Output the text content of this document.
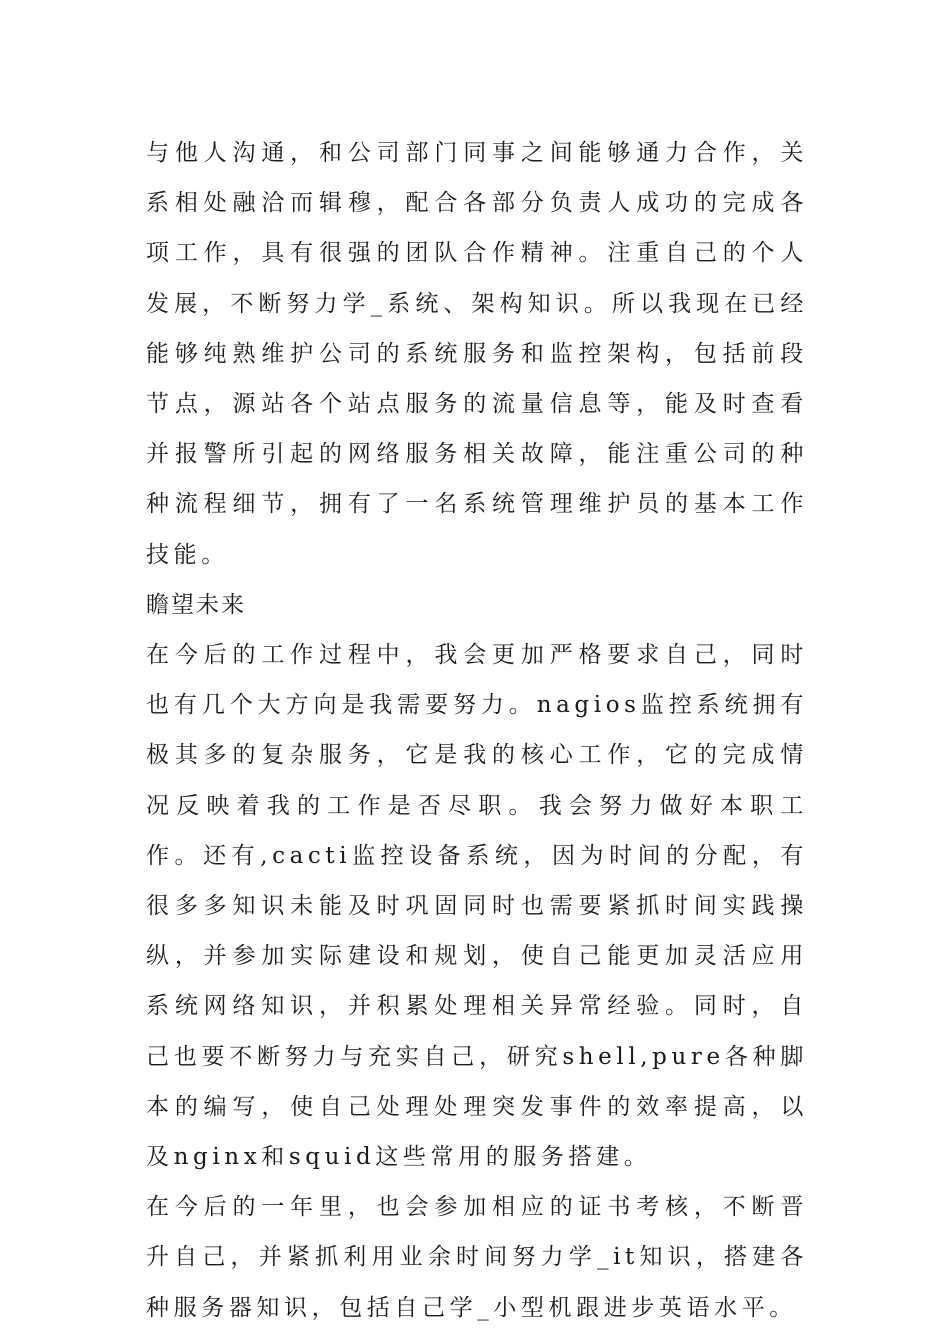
与他人沟通，和公司部门同事之间能够通力合作，关系相处融洽而辑穆，配合各部分负责人成功的完成各项工作，具有很强的团队合作精神。注重自己的个人发展，不断努力学_系统、架构知识。所以我现在已经能够纯熟维护公司的系统服务和监控架构，包括前段节点，源站各个站点服务的流量信息等，能及时查看并报警所引起的网络服务相关故障，能注重公司的种种流程细节，拥有了一名系统管理维护员的基本工作技能。

瞻望未来

在今后的工作过程中，我会更加严格要求自己，同时也有几个大方向是我需要努力。nagios监控系统拥有极其多的复杂服务，它是我的核心工作，它的完成情况反映着我的工作是否尽职。我会努力做好本职工作。还有,cacti监控设备系统，因为时间的分配，有很多多知识未能及时巩固同时也需要紧抓时间实践操纵，并参加实际建设和规划，使自己能更加灵活应用系统网络知识，并积累处理相关异常经验。同时，自己也要不断努力与充实自己，研究shell,pure各种脚本的编写，使自己处理处理突发事件的效率提高，以及nginx和squid这些常用的服务搭建。

在今后的一年里，也会参加相应的证书考核，不断晋升自己，并紧抓利用业余时间努力学_it知识，搭建各种服务器知识，包括自己学_小型机跟进步英语水平。
